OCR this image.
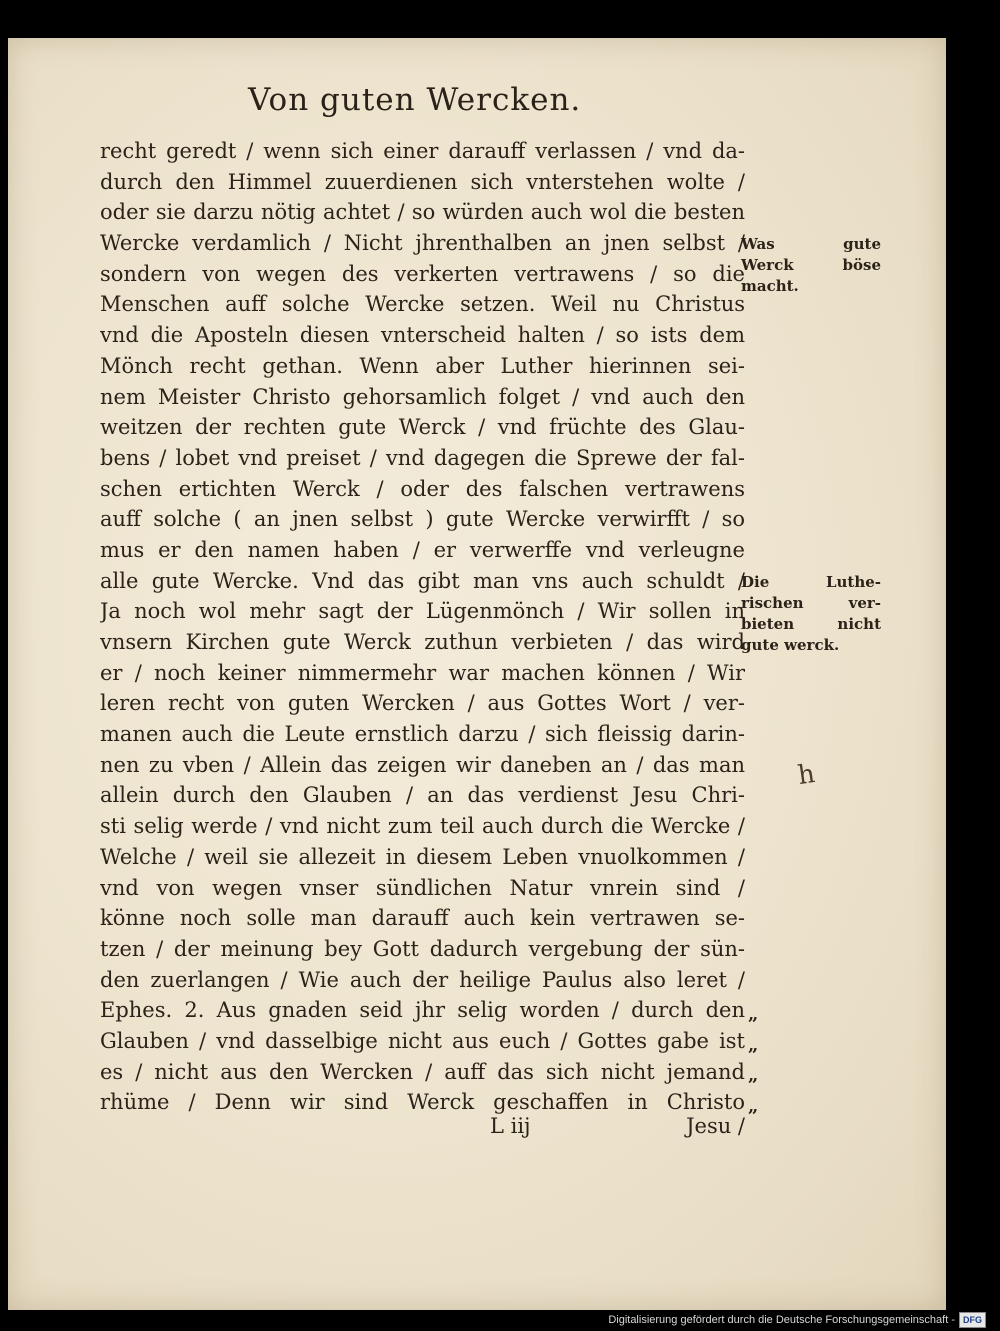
Von guten Wercken.
recht geredt / wenn sich einer darauff verlassen / vnd da-
durch den Himmel zuuerdienen sich vnterstehen wolte /
oder sie darzu nötig achtet / so würden auch wol die besten
Wercke verdamlich / Nicht jhrenthalben an jnen selbst /
sondern von wegen des verkerten vertrawens / so die
Menschen auff solche Wercke setzen. Weil nu Christus
vnd die Aposteln diesen vnterscheid halten / so ists dem
Mönch recht gethan. Wenn aber Luther hierinnen sei-
nem Meister Christo gehorsamlich folget / vnd auch den
weitzen der rechten gute Werck / vnd früchte des Glau-
bens / lobet vnd preiset / vnd dagegen die Sprewe der fal-
schen ertichten Werck / oder des falschen vertrawens
auff solche ( an jnen selbst ) gute Wercke verwirfft / so
mus er den namen haben / er verwerffe vnd verleugne
alle gute Wercke. Vnd das gibt man vns auch schuldt /
Ja noch wol mehr sagt der Lügenmönch / Wir sollen in
vnsern Kirchen gute Werck zuthun verbieten / das wird
er / noch keiner nimmermehr war machen können / Wir
leren recht von guten Wercken / aus Gottes Wort / ver-
manen auch die Leute ernstlich darzu / sich fleissig darin-
nen zu vben / Allein das zeigen wir daneben an / das man
allein durch den Glauben / an das verdienst Jesu Chri-
sti selig werde / vnd nicht zum teil auch durch die Wercke /
Welche / weil sie allezeit in diesem Leben vnuolkommen /
vnd von wegen vnser sündlichen Natur vnrein sind /
könne noch solle man darauff auch kein vertrawen se-
tzen / der meinung bey Gott dadurch vergebung der sün-
den zuerlangen / Wie auch der heilige Paulus also leret /
Ephes. 2. Aus gnaden seid jhr selig worden / durch den
Glauben / vnd dasselbige nicht aus euch / Gottes gabe ist
es / nicht aus den Wercken / auff das sich nicht jemand
rhüme / Denn wir sind Werck geschaffen in Christo
L iij	Jesu /
Was gute
Werck böse
macht.
Die Luthe-
rischen ver-
bieten nicht
gute werck.
„
„
„
„
h
Digitalisierung gefördert durch die Deutsche Forschungsgemeinschaft - DFG
